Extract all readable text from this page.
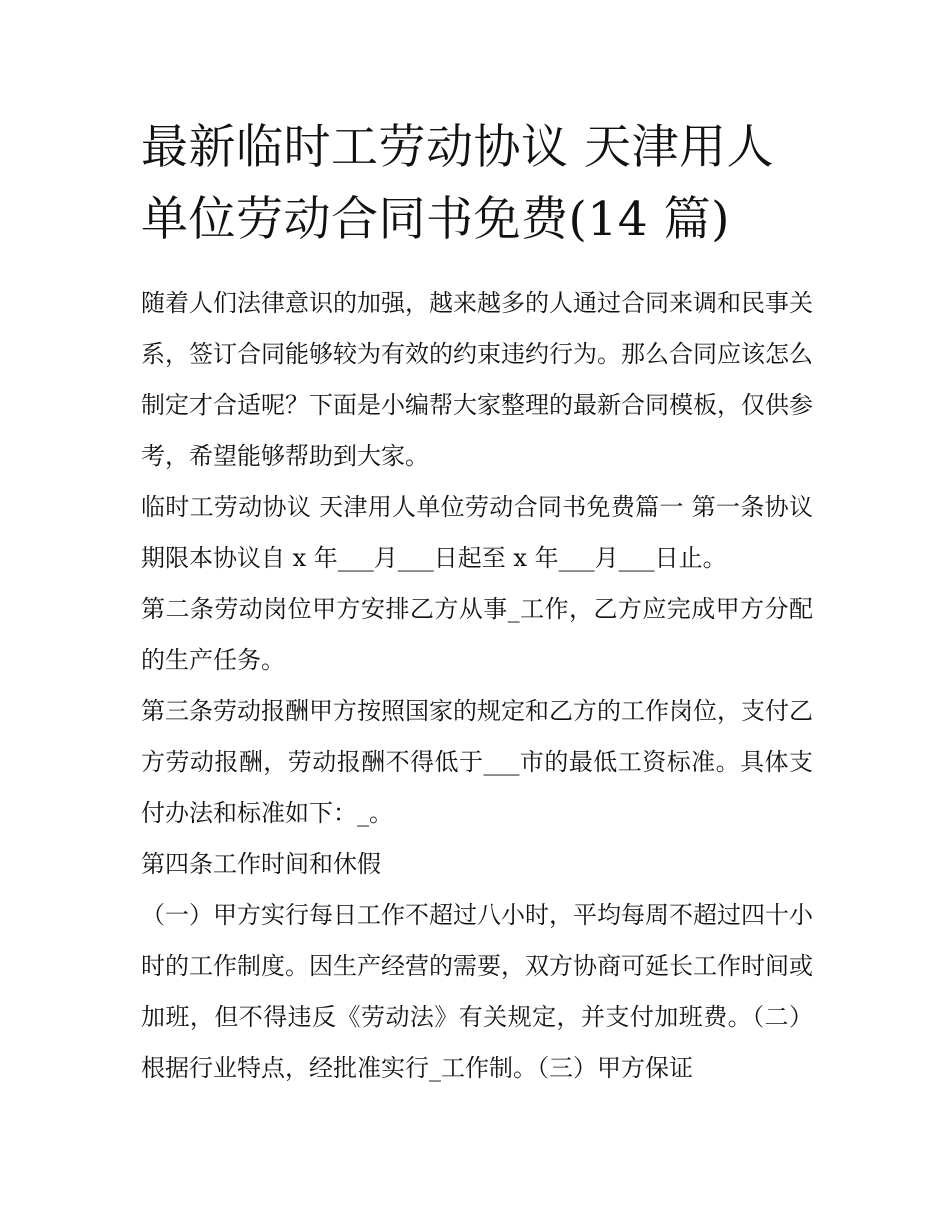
最新临时工劳动协议 天津用人单位劳动合同书免费(14 篇)

随着人们法律意识的加强，越来越多的人通过合同来调和民事关系，签订合同能够较为有效的约束违约行为。那么合同应该怎么制定才合适呢？下面是小编帮大家整理的最新合同模板，仅供参考，希望能够帮助到大家。

临时工劳动协议 天津用人单位劳动合同书免费篇一 第一条协议期限本协议自 x 年___月___日起至 x 年___月___日止。

第二条劳动岗位甲方安排乙方从事_工作，乙方应完成甲方分配的生产任务。

第三条劳动报酬甲方按照国家的规定和乙方的工作岗位，支付乙方劳动报酬，劳动报酬不得低于___市的最低工资标准。具体支付办法和标准如下：_。

第四条工作时间和休假

（一）甲方实行每日工作不超过八小时，平均每周不超过四十小时的工作制度。因生产经营的需要，双方协商可延长工作时间或加班，但不得违反《劳动法》有关规定，并支付加班费。（二）根据行业特点，经批准实行_工作制。（三）甲方保证
